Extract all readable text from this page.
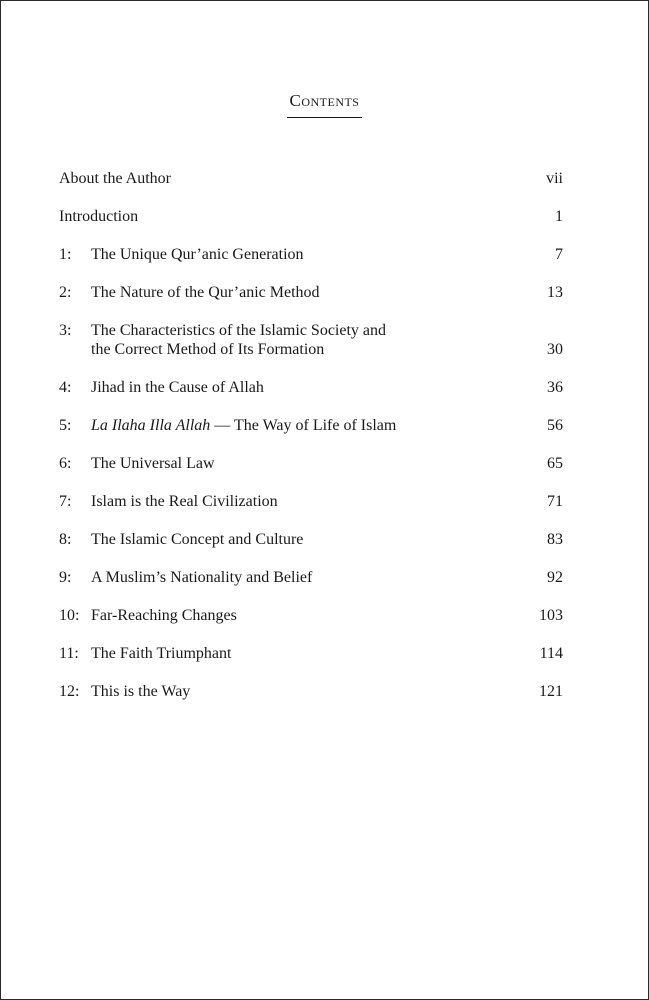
Contents
About the Author	vii
Introduction	1
1:	The Unique Qur’anic Generation	7
2:	The Nature of the Qur’anic Method	13
3:	The Characteristics of the Islamic Society and
the Correct Method of Its Formation	30
4:	Jihad in the Cause of Allah	36
5:	La Ilaha Illa Allah — The Way of Life of Islam	56
6:	The Universal Law	65
7:	Islam is the Real Civilization	71
8:	The Islamic Concept and Culture	83
9:	A Muslim’s Nationality and Belief	92
10: Far-Reaching Changes	103
11: The Faith Triumphant	114
12: This is the Way	121
